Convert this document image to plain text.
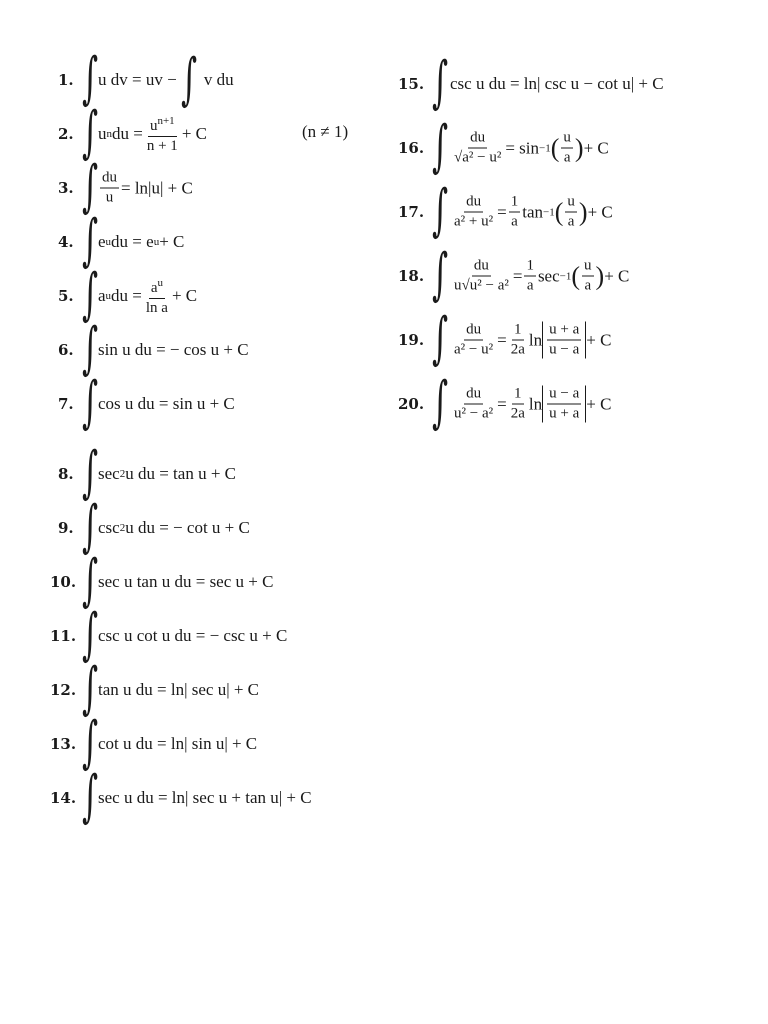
1. ∫ u dv = uv − ∫ v du
2. ∫ u n du = $\frac{u^{n+1}}{n + 1} + C$	(n ≠ 1)
3. ∫ $\frac{du}{u} = \ln|u| + C$
4. ∫ e u du = e u + C
5. ∫ a u du = $\frac{a^u}{\text{ln a}} + C$
6. ∫ sin u du = − cos u + C
7. ∫ cos u du = sin u + C
8. ∫ sec 2 u du = tan u + C
9. ∫ csc 2 u du = − cot u + C
10. ∫ sec u tan u du = sec u + C
11. ∫ csc u cot u du = − csc u + C
12. ∫ tan u du = ln| sec u| + C
13. ∫ cot u du = ln| sin u| + C
14. ∫ sec u du = ln| sec u + tan u| + C
15. ∫ csc u du = ln| csc u − cot u| + C
16. ∫ $\frac{du}{\text{√a² − u²}} = \sin -1$ ( $\frac{u}{a}$ ) + C
17. ∫ $\frac{du}{\text{a² + u²}} = \frac{1}{a}$ tan −1 ( $\frac{u}{a}$ ) + C
18. ∫ $\frac{du}{\text{u√u² − a²}} = \frac{1}{a}$ sec −1 ( $\frac{u}{a}$ ) + C
19. ∫ $\frac{du}{\text{a² − u²}} = \frac{1}{2a}$ $\ln \frac{u + a}{u - a} + C$
20. ∫ $\frac{du}{\text{u² − a²}} = \frac{1}{2a}$ $\ln \frac{u - a}{u + a} + C$
